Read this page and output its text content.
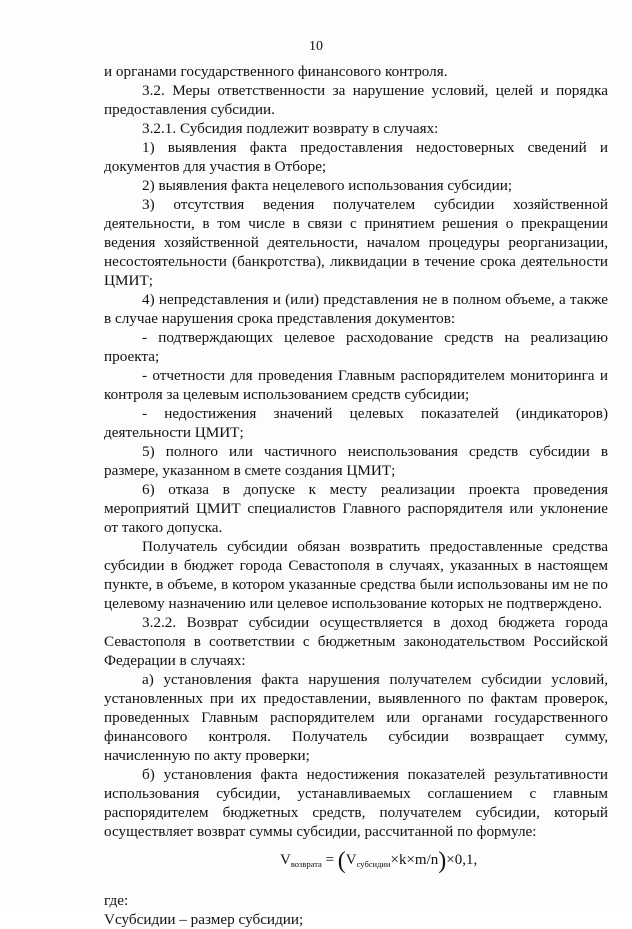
10

и органами государственного финансового контроля.

3.2. Меры ответственности за нарушение условий, целей и порядка предоставления субсидии.

3.2.1. Субсидия подлежит возврату в случаях:

1) выявления факта предоставления недостоверных сведений и документов для участия в Отборе;

2) выявления факта нецелевого использования субсидии;

3) отсутствия ведения получателем субсидии хозяйственной деятельности, в том числе в связи с принятием решения о прекращении ведения хозяйственной деятельности, началом процедуры реорганизации, несостоятельности (банкротства), ликвидации в течение срока деятельности ЦМИТ;

4) непредставления и (или) представления не в полном объеме, а также в случае нарушения срока представления документов:

- подтверждающих целевое расходование средств на реализацию проекта;

- отчетности для проведения Главным распорядителем мониторинга и контроля за целевым использованием средств субсидии;

- недостижения значений целевых показателей (индикаторов) деятельности ЦМИТ;

5) полного или частичного неиспользования средств субсидии в размере, указанном в смете создания ЦМИТ;

6) отказа в допуске к месту реализации проекта проведения мероприятий ЦМИТ специалистов Главного распорядителя или уклонение от такого допуска.

Получатель субсидии обязан возвратить предоставленные средства субсидии в бюджет города Севастополя в случаях, указанных в настоящем пункте, в объеме, в котором указанные средства были использованы им не по целевому назначению или целевое использование которых не подтверждено.

3.2.2. Возврат субсидии осуществляется в доход бюджета города Севастополя в соответствии с бюджетным законодательством Российской Федерации в случаях:

а) установления факта нарушения получателем субсидии условий, установленных при их предоставлении, выявленного по фактам проверок, проведенных Главным распорядителем или органами государственного финансового контроля. Получатель субсидии возвращает сумму, начисленную по акту проверки;

б) установления факта недостижения показателей результативности использования субсидии, устанавливаемых соглашением с главным распорядителем бюджетных средств, получателем субсидии, который осуществляет возврат суммы субсидии, рассчитанной по формуле:

$V_{возврата} = (V_{субсидии}\times k\times m/n)\times 0,1$,

где:

Vсубсидии – размер субсидии;
